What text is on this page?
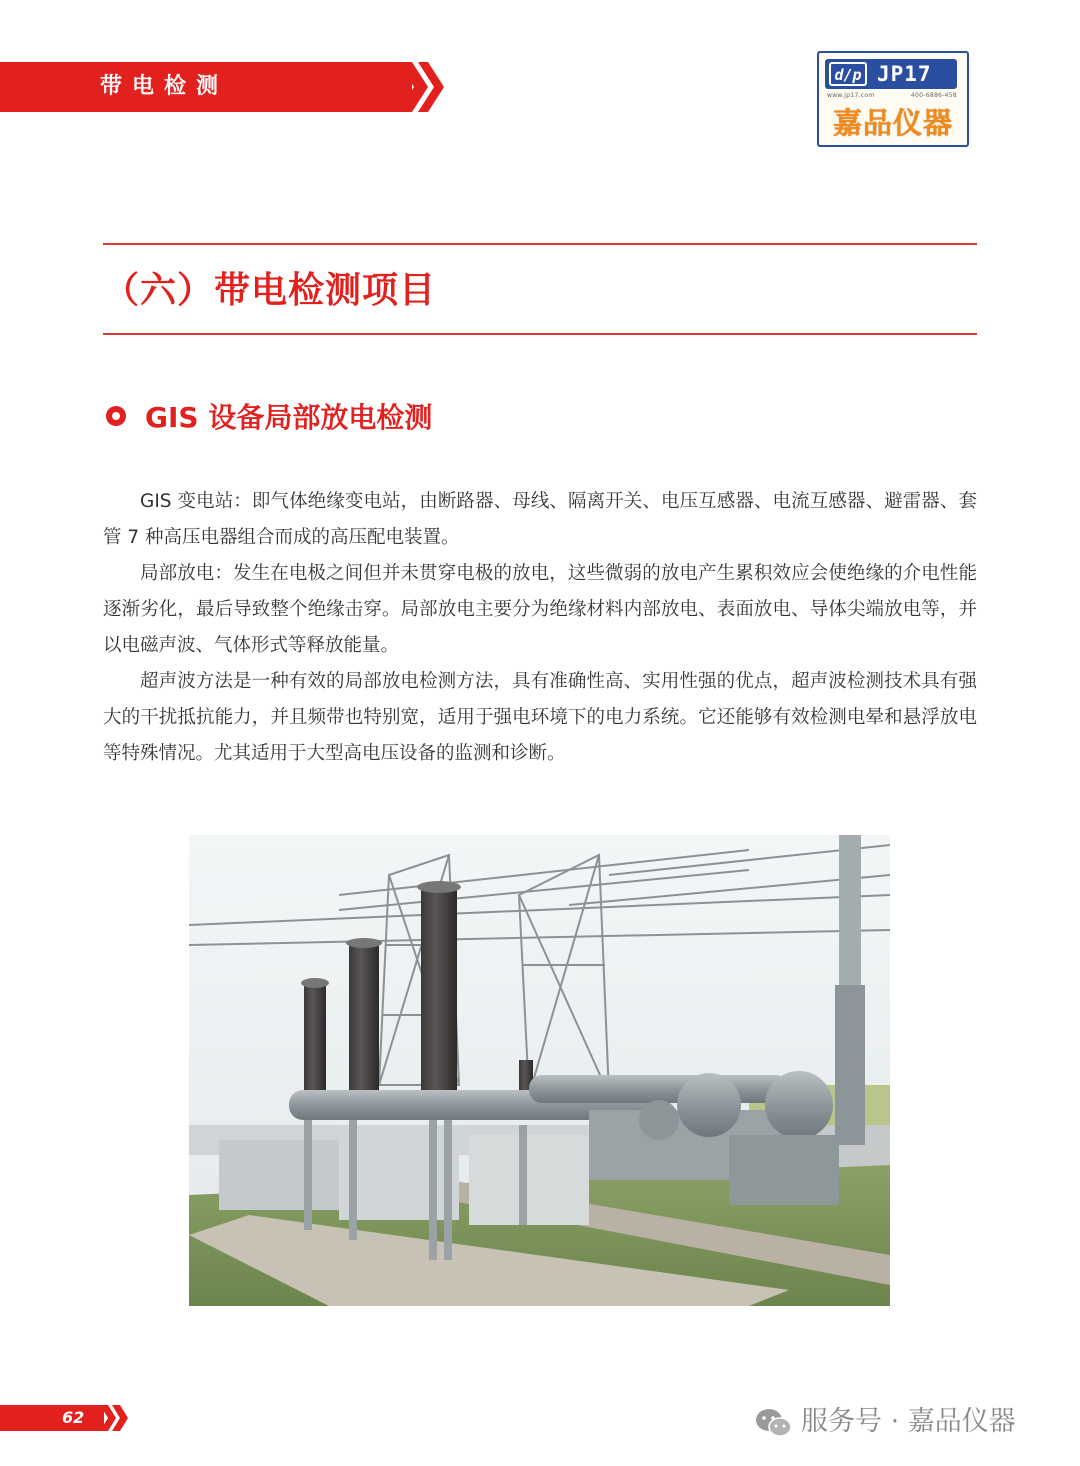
带电检测	d/p JP17
www.jp17.com	400-6886-458
嘉品仪器
（六）带电检测项目
GIS 设备局部放电检测

GIS 变电站：即气体绝缘变电站，由断路器、母线、隔离开关、电压互感器、电流互感器、避雷器、套管 7 种高压电器组合而成的高压配电装置。

局部放电：发生在电极之间但并未贯穿电极的放电，这些微弱的放电产生累积效应会使绝缘的介电性能逐渐劣化，最后导致整个绝缘击穿。局部放电主要分为绝缘材料内部放电、表面放电、导体尖端放电等，并以电磁声波、气体形式等释放能量。

超声波方法是一种有效的局部放电检测方法，具有准确性高、实用性强的优点，超声波检测技术具有强大的干扰抵抗能力，并且频带也特别宽，适用于强电环境下的电力系统。它还能够有效检测电晕和悬浮放电等特殊情况。尤其适用于大型高电压设备的监测和诊断。

62	服务号 · 嘉品仪器
